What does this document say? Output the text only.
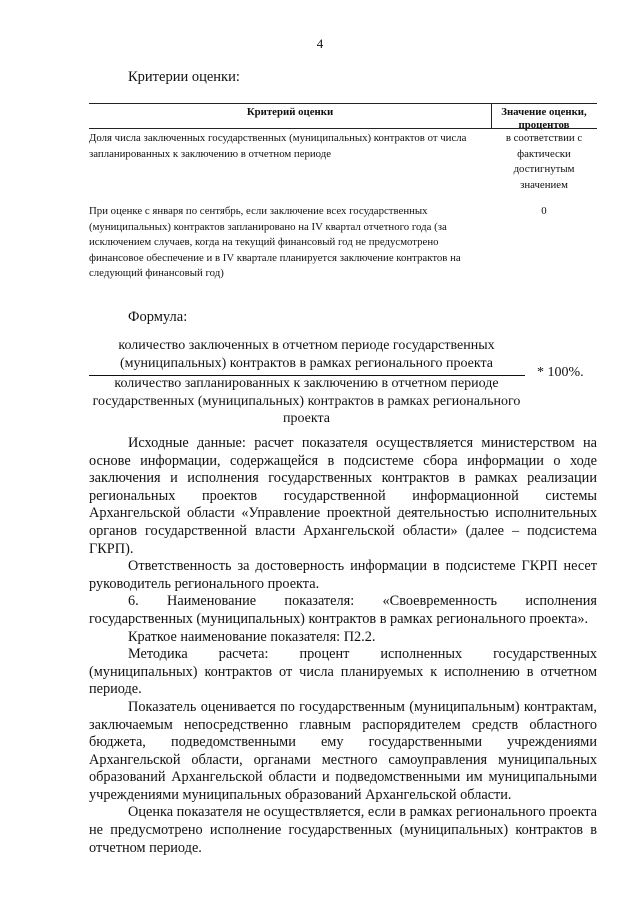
4
Критерии оценки:
Критерий оценки	Значение оценки, процентов
Доля числа заключенных государственных (муниципальных) контрактов от числа запланированных к заключению в отчетном периоде
в соответствии с фактически достигнутым значением
При оценке с января по сентябрь, если заключение всех государственных (муниципальных) контрактов запланировано на IV квартал отчетного года (за исключением случаев, когда на текущий финансовый год не предусмотрено финансовое обеспечение и в IV квартале планируется заключение контрактов на следующий финансовый год)
0
Формула:
количество заключенных в отчетном периоде государственных (муниципальных) контрактов в рамках регионального проекта
количество запланированных к заключению в отчетном периоде государственных (муниципальных) контрактов в рамках регионального проекта
* 100%.

Исходные данные: расчет показателя осуществляется министерством на основе информации, содержащейся в подсистеме сбора информации о ходе заключения и исполнения государственных контрактов в рамках реализации региональных проектов государственной информационной системы Архангельской области «Управление проектной деятельностью исполнительных органов государственной власти Архангельской области» (далее – подсистема ГКРП).

Ответственность за достоверность информации в подсистеме ГКРП несет руководитель регионального проекта.

6. Наименование показателя: «Своевременность исполнения государственных (муниципальных) контрактов в рамках регионального проекта».

Краткое наименование показателя: П2.2.

Методика расчета: процент исполненных государственных (муниципальных) контрактов от числа планируемых к исполнению в отчетном периоде.

Показатель оценивается по государственным (муниципальным) контрактам, заключаемым непосредственно главным распорядителем средств областного бюджета, подведомственными ему государственными учреждениями Архангельской области, органами местного самоуправления муниципальных образований Архангельской области и подведомственными им муниципальными учреждениями муниципальных образований Архангельской области.

Оценка показателя не осуществляется, если в рамках регионального проекта не предусмотрено исполнение государственных (муниципальных) контрактов в отчетном периоде.
